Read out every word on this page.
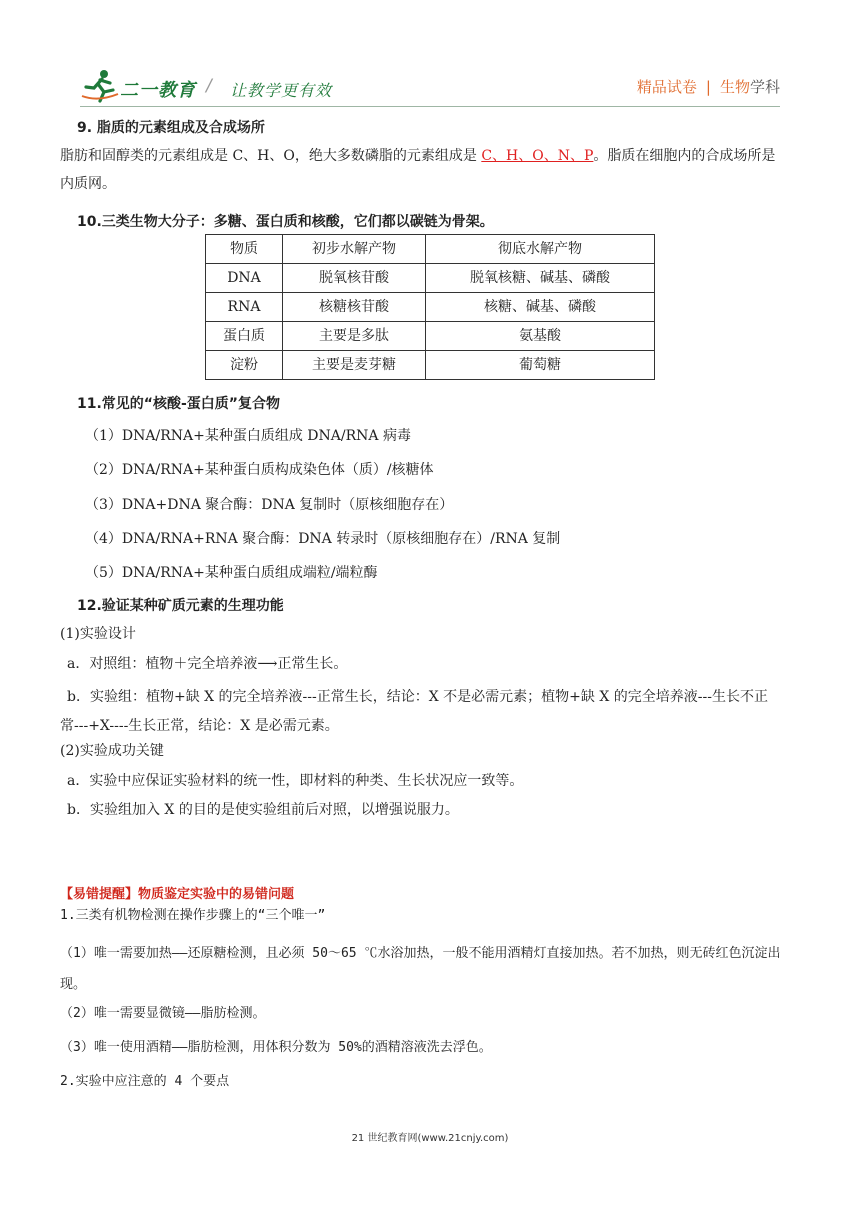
二一教育 / 让教学更有效	精品试卷 | 生物学科

9. 脂质的元素组成及合成场所

脂肪和固醇类的元素组成是 C、H、O，绝大多数磷脂的元素组成是 C、H、O、N、P。脂质在细胞内的合成场所是内质网。

10.三类生物大分子：多糖、蛋白质和核酸，它们都以碳链为骨架。

物质	初步水解产物	彻底水解产物
DNA	脱氧核苷酸	脱氧核糖、碱基、磷酸
RNA	核糖核苷酸	核糖、碱基、磷酸
蛋白质	主要是多肽	氨基酸
淀粉	主要是麦芽糖	葡萄糖

11.常见的“核酸-蛋白质”复合物

（1）DNA/RNA+某种蛋白质组成 DNA/RNA 病毒

（2）DNA/RNA+某种蛋白质构成染色体（质）/核糖体

（3）DNA+DNA 聚合酶：DNA 复制时（原核细胞存在）

（4）DNA/RNA+RNA 聚合酶：DNA 转录时（原核细胞存在）/RNA 复制

（5）DNA/RNA+某种蛋白质组成端粒/端粒酶

12.验证某种矿质元素的生理功能

(1)实验设计

a．对照组：植物＋完全培养液⟶正常生长。

b．实验组：植物+缺 X 的完全培养液---正常生长，结论：X 不是必需元素；植物+缺 X 的完全培养液---生长不正常---+X----生长正常，结论：X 是必需元素。

(2)实验成功关键

a．实验中应保证实验材料的统一性，即材料的种类、生长状况应一致等。

b．实验组加入 X 的目的是使实验组前后对照，以增强说服力。

【易错提醒】物质鉴定实验中的易错问题

1.三类有机物检测在操作步骤上的“三个唯一”

（1）唯一需要加热——还原糖检测，且必须 50～65 ℃水浴加热，一般不能用酒精灯直接加热。若不加热，则无砖红色沉淀出现。

（2）唯一需要显微镜——脂肪检测。

（3）唯一使用酒精——脂肪检测，用体积分数为 50%的酒精溶液洗去浮色。

2.实验中应注意的 4 个要点

21 世纪教育网(www.21cnjy.com)
